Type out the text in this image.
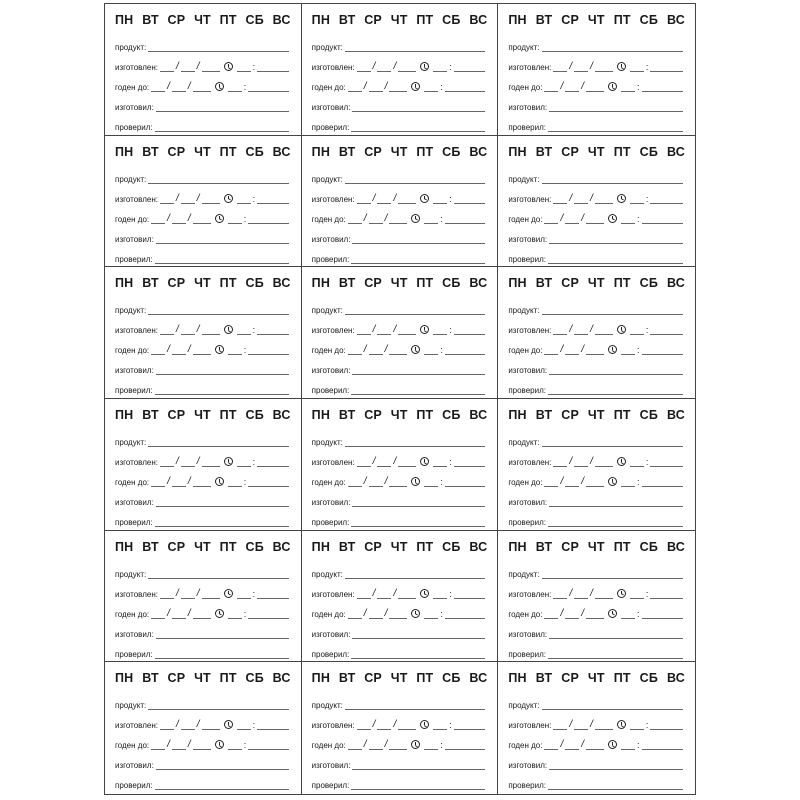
ПН ВТ СР ЧТ ПТ СБ ВС
продукт:
изготовлен: / /	:
годен до: / /	:
изготовил:
проверил:
ПН ВТ СР ЧТ ПТ СБ ВС
продукт:
изготовлен: / /	:
годен до: / /	:
изготовил:
проверил:
ПН ВТ СР ЧТ ПТ СБ ВС
продукт:
изготовлен: / /	:
годен до: / /	:
изготовил:
проверил:
ПН ВТ СР ЧТ ПТ СБ ВС
продукт:
изготовлен: / /	:
годен до: / /	:
изготовил:
проверил:
ПН ВТ СР ЧТ ПТ СБ ВС
продукт:
изготовлен: / /	:
годен до: / /	:
изготовил:
проверил:
ПН ВТ СР ЧТ ПТ СБ ВС
продукт:
изготовлен: / /	:
годен до: / /	:
изготовил:
проверил:
ПН ВТ СР ЧТ ПТ СБ ВС
продукт:
изготовлен: / /	:
годен до: / /	:
изготовил:
проверил:
ПН ВТ СР ЧТ ПТ СБ ВС
продукт:
изготовлен: / /	:
годен до: / /	:
изготовил:
проверил:
ПН ВТ СР ЧТ ПТ СБ ВС
продукт:
изготовлен: / /	:
годен до: / /	:
изготовил:
проверил:
ПН ВТ СР ЧТ ПТ СБ ВС
продукт:
изготовлен: / /	:
годен до: / /	:
изготовил:
проверил:
ПН ВТ СР ЧТ ПТ СБ ВС
продукт:
изготовлен: / /	:
годен до: / /	:
изготовил:
проверил:
ПН ВТ СР ЧТ ПТ СБ ВС
продукт:
изготовлен: / /	:
годен до: / /	:
изготовил:
проверил:
ПН ВТ СР ЧТ ПТ СБ ВС
продукт:
изготовлен: / /	:
годен до: / /	:
изготовил:
проверил:
ПН ВТ СР ЧТ ПТ СБ ВС
продукт:
изготовлен: / /	:
годен до: / /	:
изготовил:
проверил:
ПН ВТ СР ЧТ ПТ СБ ВС
продукт:
изготовлен: / /	:
годен до: / /	:
изготовил:
проверил:
ПН ВТ СР ЧТ ПТ СБ ВС
продукт:
изготовлен: / /	:
годен до: / /	:
изготовил:
проверил:
ПН ВТ СР ЧТ ПТ СБ ВС
продукт:
изготовлен: / /	:
годен до: / /	:
изготовил:
проверил:
ПН ВТ СР ЧТ ПТ СБ ВС
продукт:
изготовлен: / /	:
годен до: / /	:
изготовил:
проверил:
